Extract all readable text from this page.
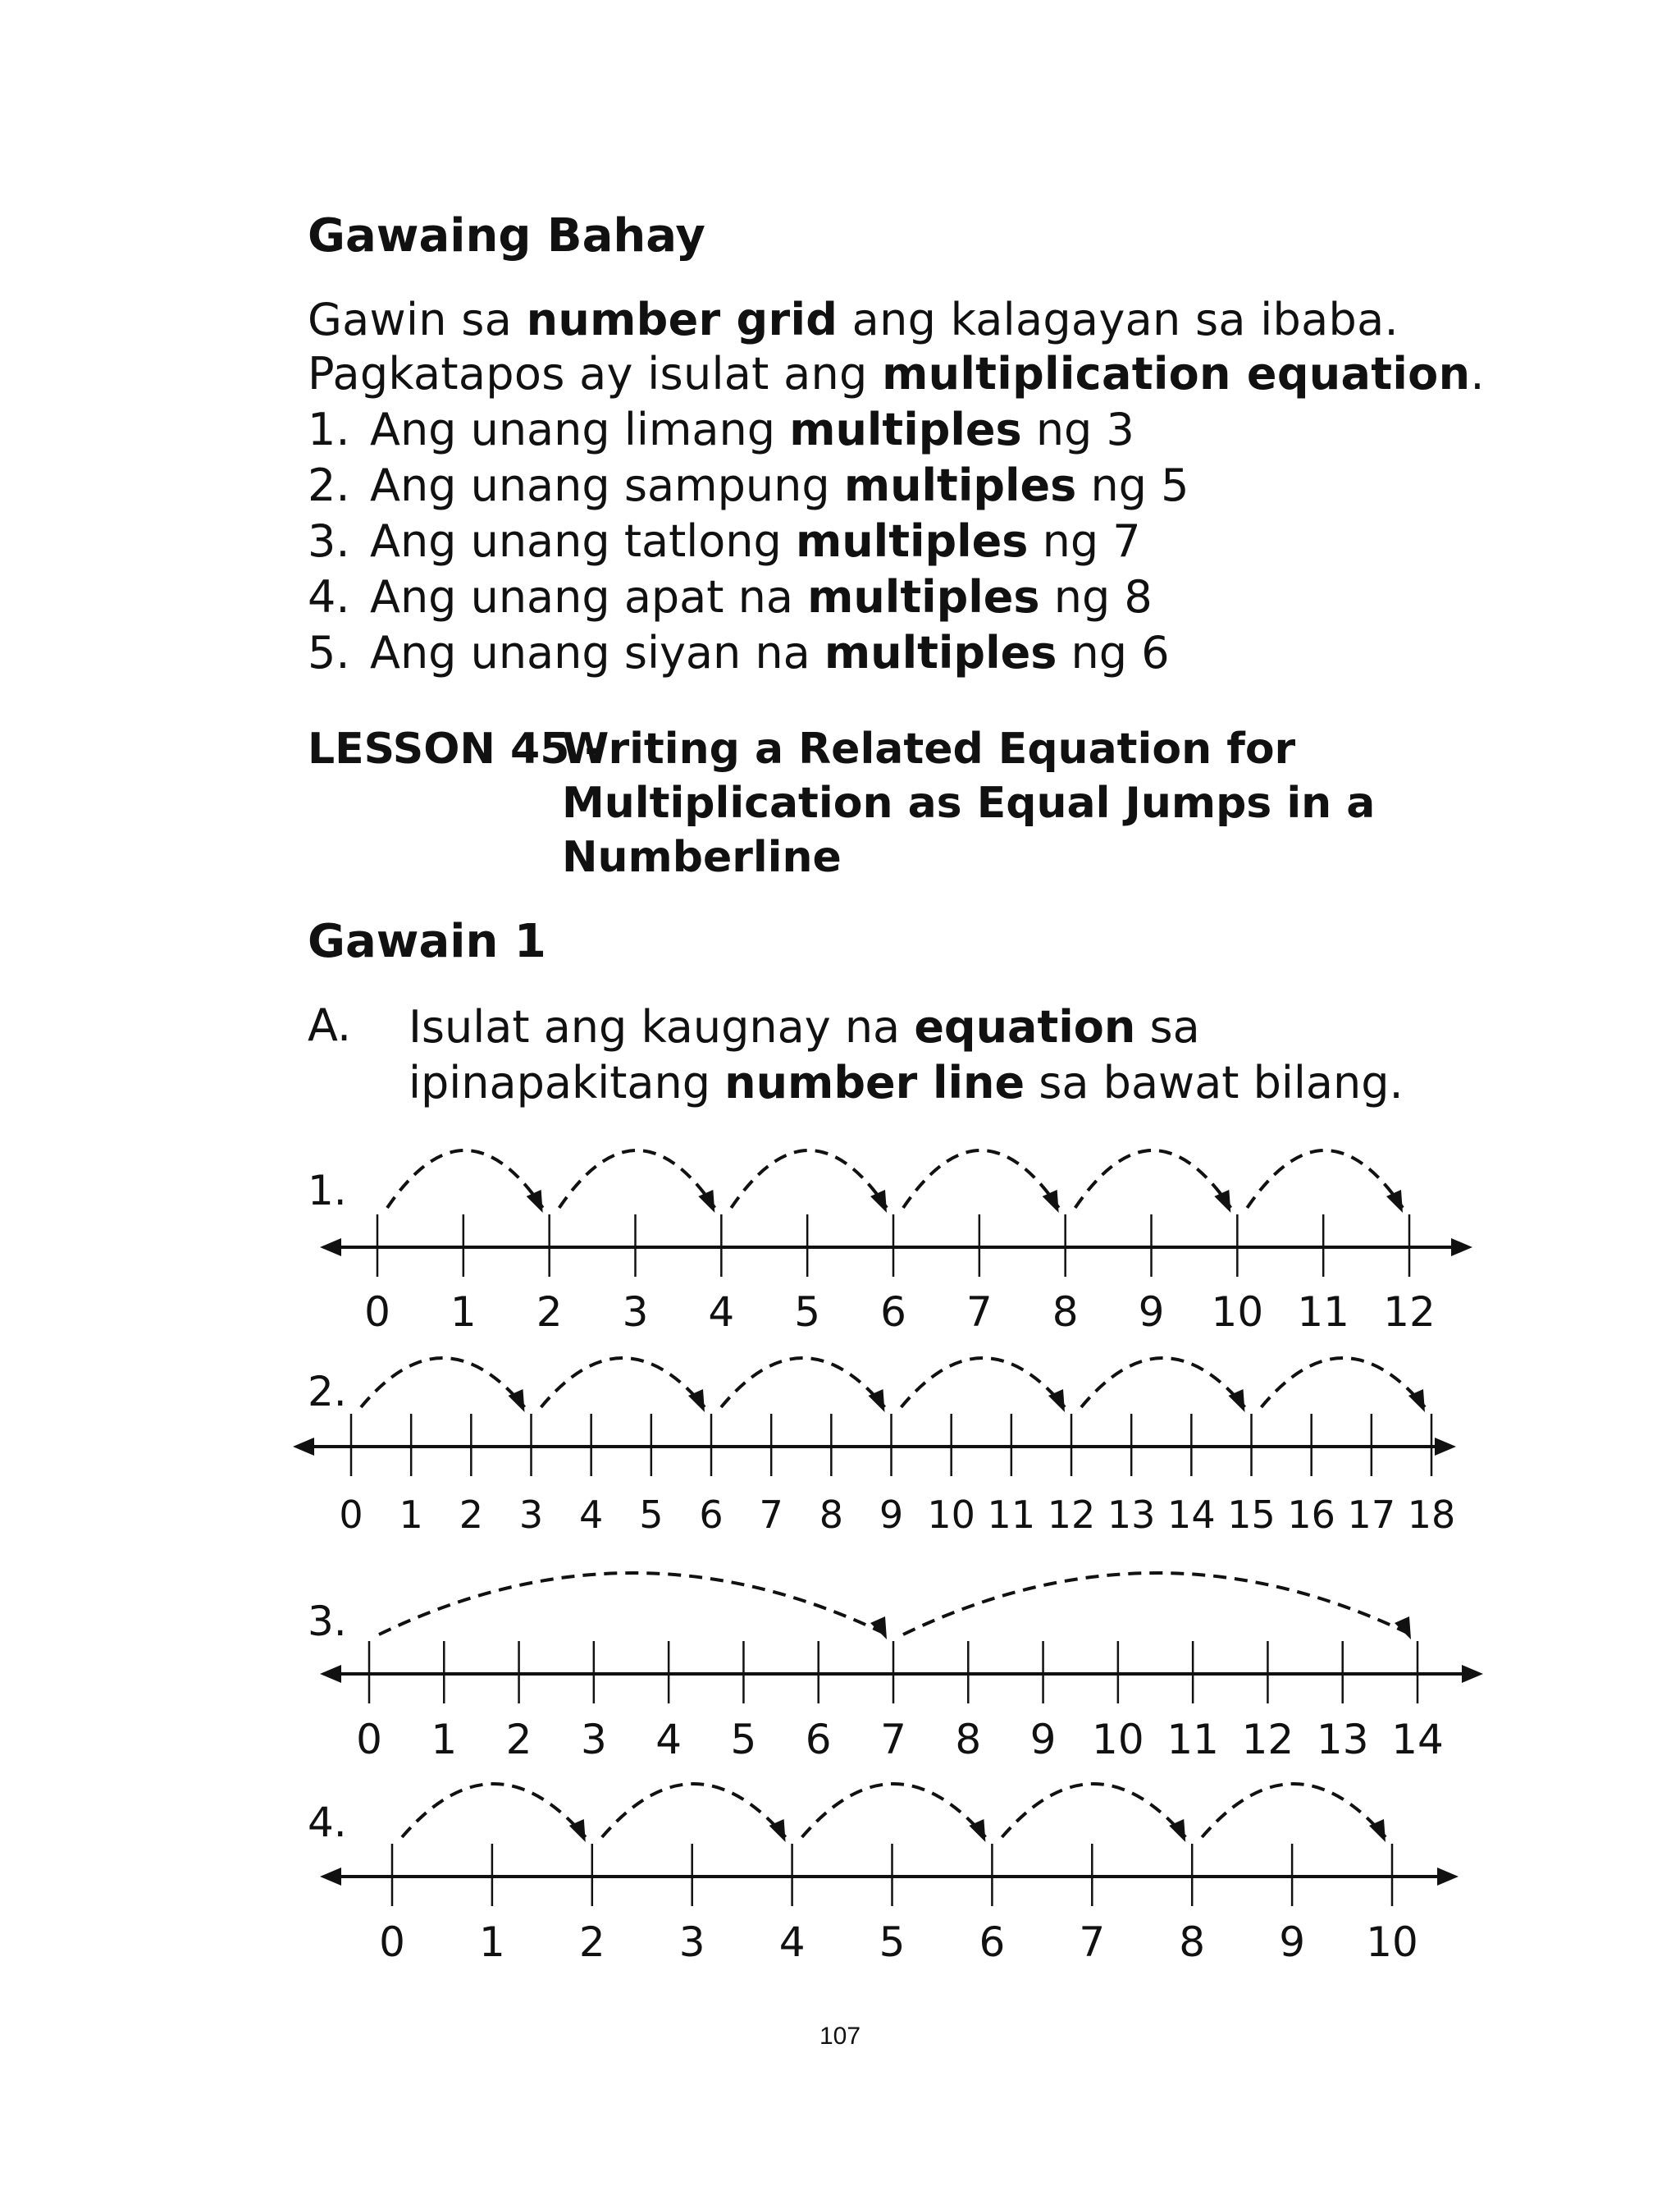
Gawaing Bahay
Gawin sa number grid ang kalagayan sa ibaba.
Pagkatapos ay isulat ang multiplication equation.
1. Ang unang limang multiples ng 3
2. Ang unang sampung multiples ng 5
3. Ang unang tatlong multiples ng 7
4. Ang unang apat na multiples ng 8
5. Ang unang siyan na multiples ng 6
LESSON 45 -
Writing a Related Equation for
Multiplication as Equal Jumps in a
Numberline
Gawain 1
A. Isulat ang kaugnay na equation sa
ipinapakitang number line sa bawat bilang.
1.
0 1 2 3 4 5 6 7 8 9 10 11 12
2.
0 1 2 3 4 5 6 7 8 9 10 11 12 13 14 15 16 17 18
3.
0 1 2 3 4 5 6 7 8 9 10 11 12 13 14
4.
0 1 2 3 4 5 6 7 8 9 10
107
